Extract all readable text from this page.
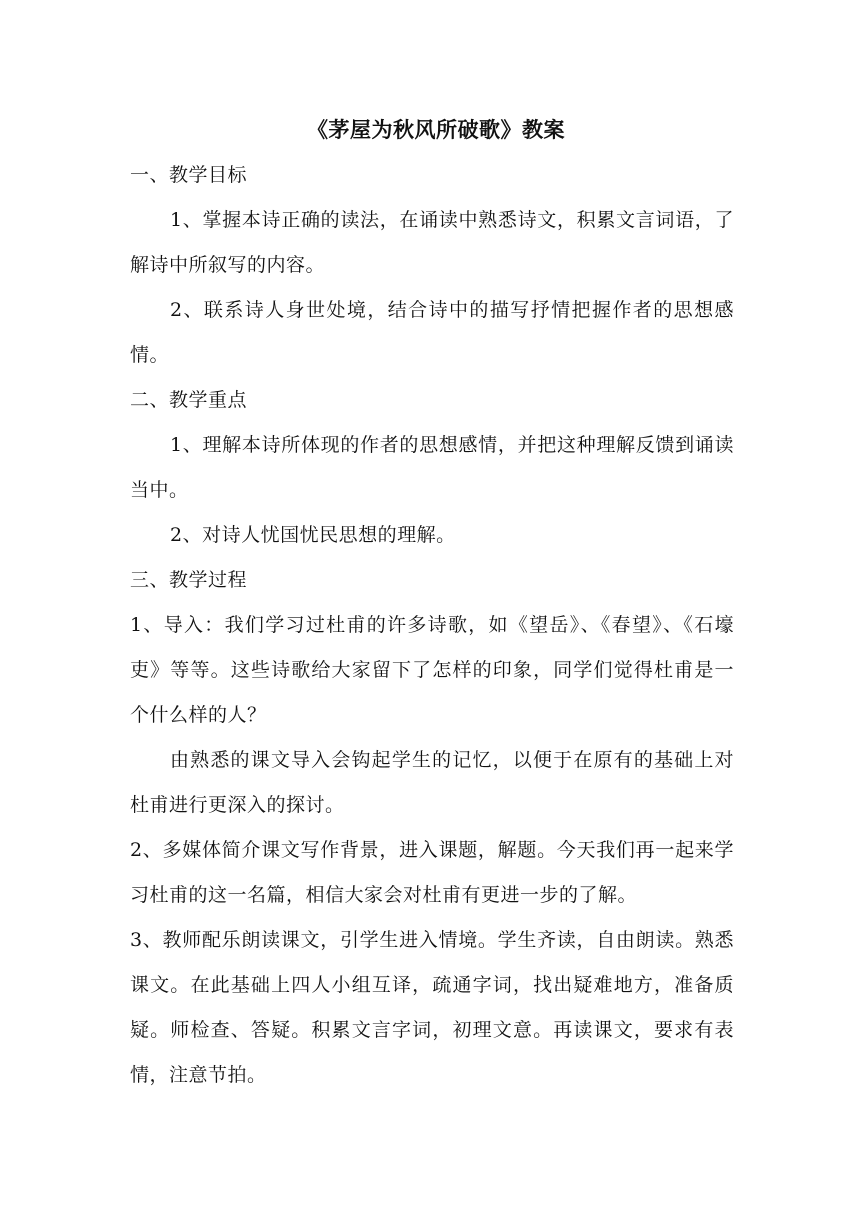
《茅屋为秋风所破歌》教案
一、教学目标

1、掌握本诗正确的读法，在诵读中熟悉诗文，积累文言词语，了解诗中所叙写的内容。

2、联系诗人身世处境，结合诗中的描写抒情把握作者的思想感情。

二、教学重点

1、理解本诗所体现的作者的思想感情，并把这种理解反馈到诵读当中。

2、对诗人忧国忧民思想的理解。

三、教学过程

1、导入：我们学习过杜甫的许多诗歌，如《望岳》、《春望》、《石壕吏》等等。这些诗歌给大家留下了怎样的印象，同学们觉得杜甫是一个什么样的人？

由熟悉的课文导入会钩起学生的记忆，以便于在原有的基础上对杜甫进行更深入的探讨。

2、多媒体简介课文写作背景，进入课题，解题。今天我们再一起来学习杜甫的这一名篇，相信大家会对杜甫有更进一步的了解。

3、教师配乐朗读课文，引学生进入情境。学生齐读，自由朗读。熟悉课文。在此基础上四人小组互译，疏通字词，找出疑难地方，准备质疑。师检查、答疑。积累文言字词，初理文意。再读课文，要求有表情，注意节拍。
